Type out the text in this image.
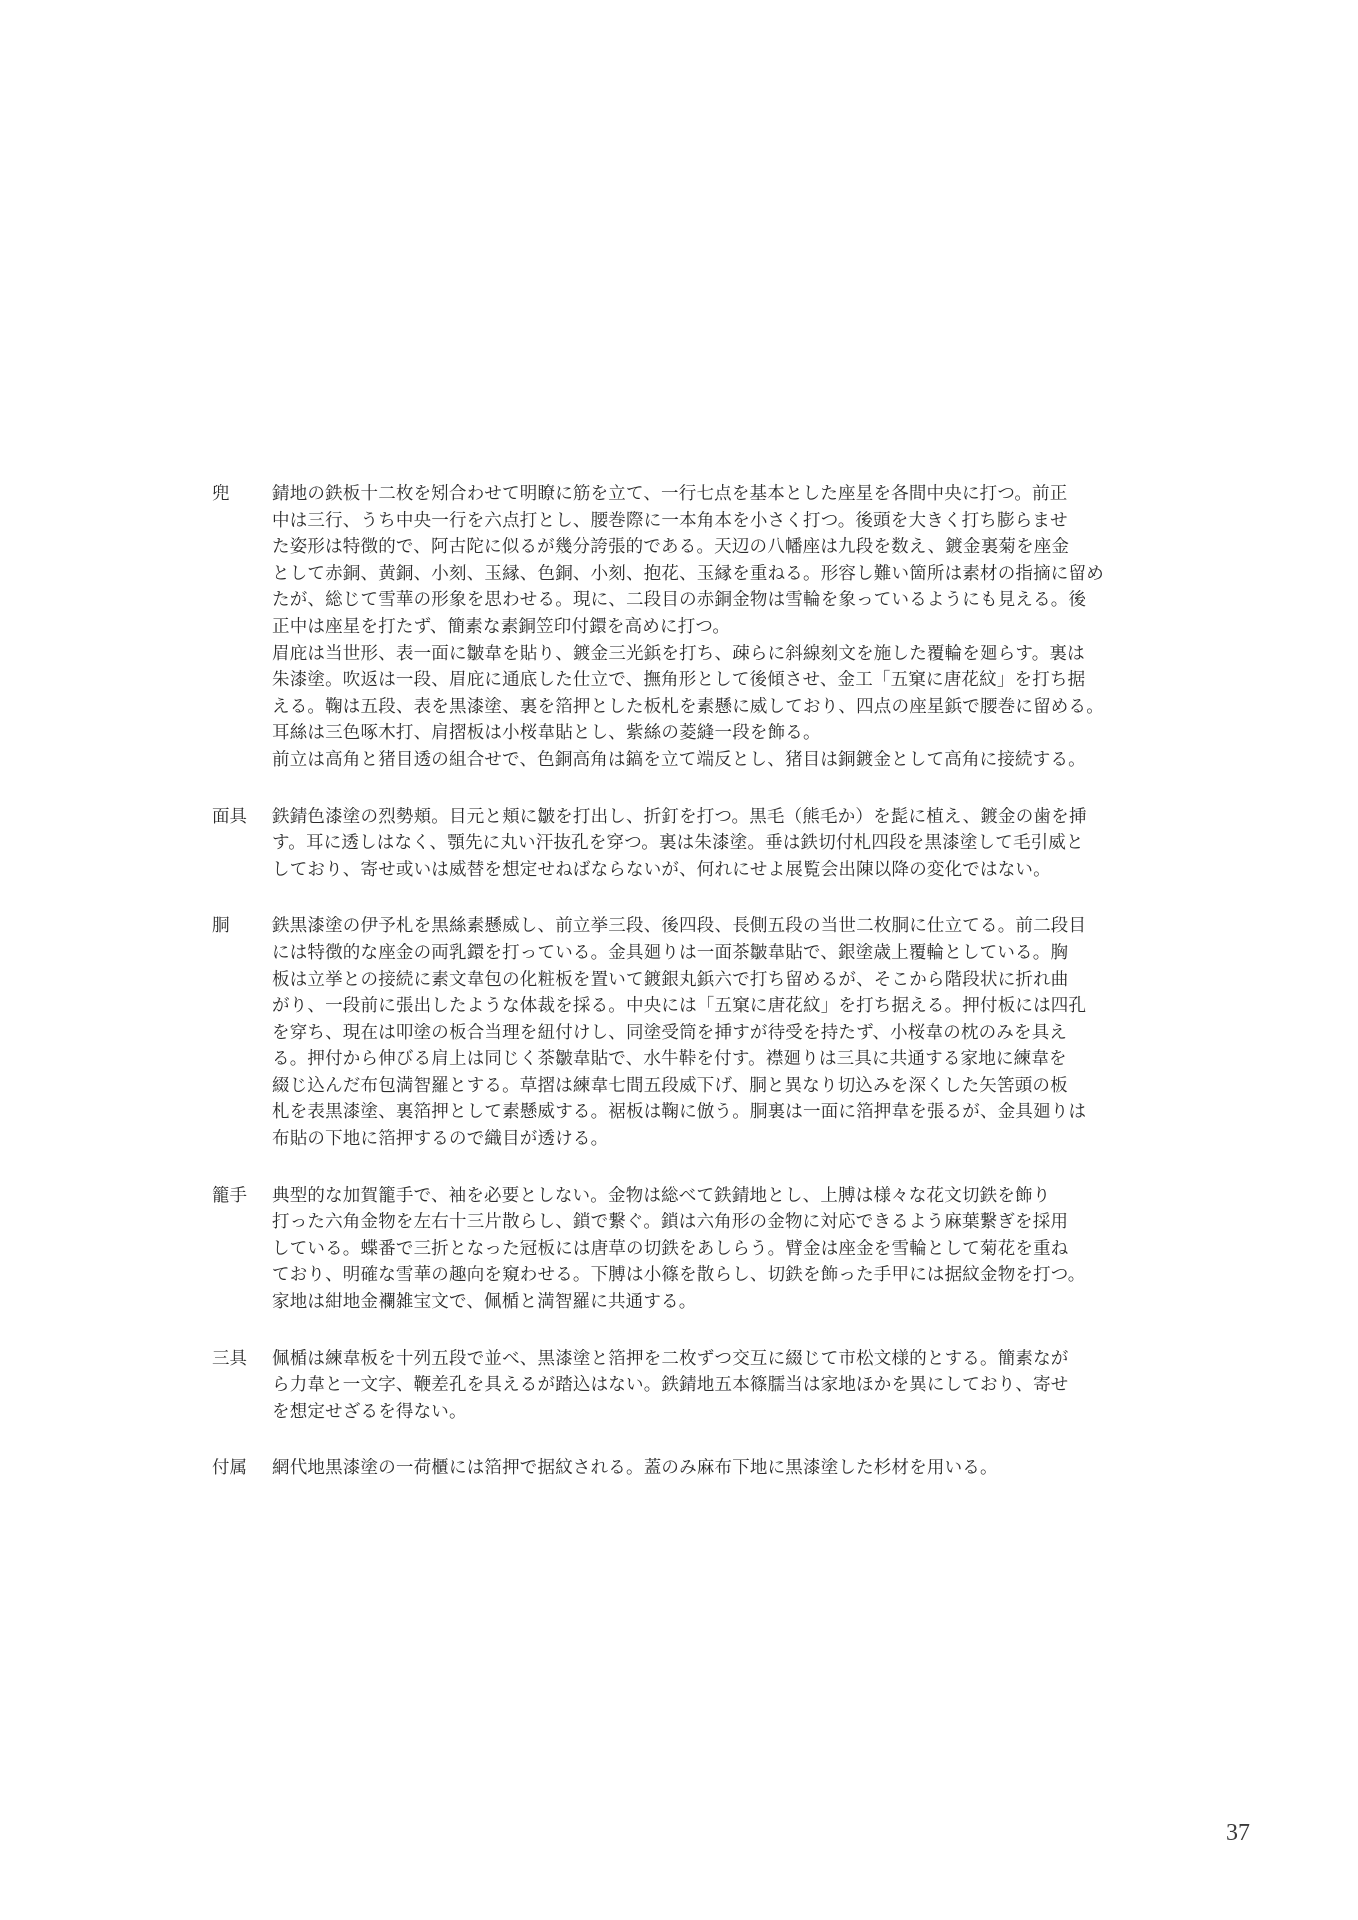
兜	錆地の鉄板十二枚を矧合わせて明瞭に筋を立て、一行七点を基本とした座星を各間中央に打つ。前正
中は三行、うち中央一行を六点打とし、腰巻際に一本角本を小さく打つ。後頭を大きく打ち膨らませ
た姿形は特徴的で、阿古陀に似るが幾分誇張的である。天辺の八幡座は九段を数え、鍍金裏菊を座金
として赤銅、黄銅、小刻、玉縁、色銅、小刻、抱花、玉縁を重ねる。形容し難い箇所は素材の指摘に留め
たが、総じて雪華の形象を思わせる。現に、二段目の赤銅金物は雪輪を象っているようにも見える。後
正中は座星を打たず、簡素な素銅笠印付鐶を高めに打つ。
眉庇は当世形、表一面に皺韋を貼り、鍍金三光鋲を打ち、疎らに斜線刻文を施した覆輪を廻らす。裏は
朱漆塗。吹返は一段、眉庇に通底した仕立で、撫角形として後傾させ、金工「五窠に唐花紋」を打ち据
える。鞠は五段、表を黒漆塗、裏を箔押とした板札を素懸に威しており、四点の座星鋲で腰巻に留める。
耳絲は三色啄木打、肩摺板は小桜韋貼とし、紫絲の菱縫一段を飾る。
前立は高角と猪目透の組合せで、色銅高角は鎬を立て端反とし、猪目は銅鍍金として高角に接続する。
面具	鉄錆色漆塗の烈勢頬。目元と頬に皺を打出し、折釘を打つ。黒毛（熊毛か）を髭に植え、鍍金の歯を挿
す。耳に透しはなく、顎先に丸い汗抜孔を穿つ。裏は朱漆塗。垂は鉄切付札四段を黒漆塗して毛引威と
しており、寄せ或いは威替を想定せねばならないが、何れにせよ展覧会出陳以降の変化ではない。
胴	鉄黒漆塗の伊予札を黒絲素懸威し、前立挙三段、後四段、長側五段の当世二枚胴に仕立てる。前二段目
には特徴的な座金の両乳鐶を打っている。金具廻りは一面茶皺韋貼で、銀塗歳上覆輪としている。胸
板は立挙との接続に素文韋包の化粧板を置いて鍍銀丸鋲六で打ち留めるが、そこから階段状に折れ曲
がり、一段前に張出したような体裁を採る。中央には「五窠に唐花紋」を打ち据える。押付板には四孔
を穿ち、現在は叩塗の板合当理を紐付けし、同塗受筒を挿すが待受を持たず、小桜韋の枕のみを具え
る。押付から伸びる肩上は同じく茶皺韋貼で、水牛鞐を付す。襟廻りは三具に共通する家地に練韋を
綴じ込んだ布包満智羅とする。草摺は練韋七間五段威下げ、胴と異なり切込みを深くした矢筈頭の板
札を表黒漆塗、裏箔押として素懸威する。裾板は鞠に倣う。胴裏は一面に箔押韋を張るが、金具廻りは
布貼の下地に箔押するので織目が透ける。
籠手	典型的な加賀籠手で、袖を必要としない。金物は総べて鉄錆地とし、上膊は様々な花文切鉄を飾り
打った六角金物を左右十三片散らし、鎖で繋ぐ。鎖は六角形の金物に対応できるよう麻葉繋ぎを採用
している。蝶番で三折となった冠板には唐草の切鉄をあしらう。臂金は座金を雪輪として菊花を重ね
ており、明確な雪華の趣向を窺わせる。下膊は小篠を散らし、切鉄を飾った手甲には据紋金物を打つ。
家地は紺地金襴雑宝文で、佩楯と満智羅に共通する。
三具	佩楯は練韋板を十列五段で並べ、黒漆塗と箔押を二枚ずつ交互に綴じて市松文様的とする。簡素なが
ら力韋と一文字、鞭差孔を具えるが踏込はない。鉄錆地五本篠臑当は家地ほかを異にしており、寄せ
を想定せざるを得ない。
付属	網代地黒漆塗の一荷櫃には箔押で据紋される。蓋のみ麻布下地に黒漆塗した杉材を用いる。
37
